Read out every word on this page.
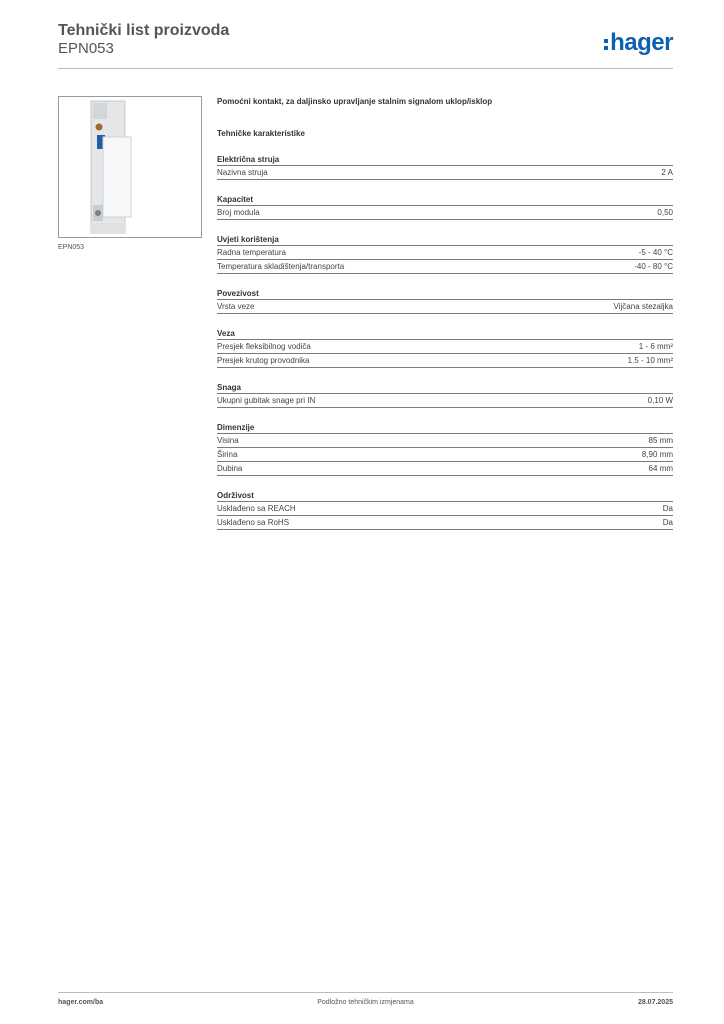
Tehnički list proizvoda
EPN053	hager
EPN053
Pomoćni kontakt, za daljinsko upravljanje stalnim signalom uklop/isklop
Tehničke karakteristike
Električna struja
Nazivna struja	2 A
Kapacitet
Broj modula	0,50
Uvjeti korištenja
Radna temperatura	-5 - 40 °C
Temperatura skladištenja/transporta	-40 - 80 °C
Povezivost
Vrsta veze	Vijčana stezaljka
Veza
Presjek fleksibilnog vodiča	1 - 6 mm²
Presjek krutog provodnika	1.5 - 10 mm²
Snaga
Ukupni gubitak snage pri IN	0,10 W
Dimenzije
Visina	85 mm
Širina	8,90 mm
Dubina	64 mm
Održivost
Usklađeno sa REACH	Da
Usklađeno sa RoHS	Da
hager.com/ba	Podložno tehničkim izmjenama	28.07.2025
